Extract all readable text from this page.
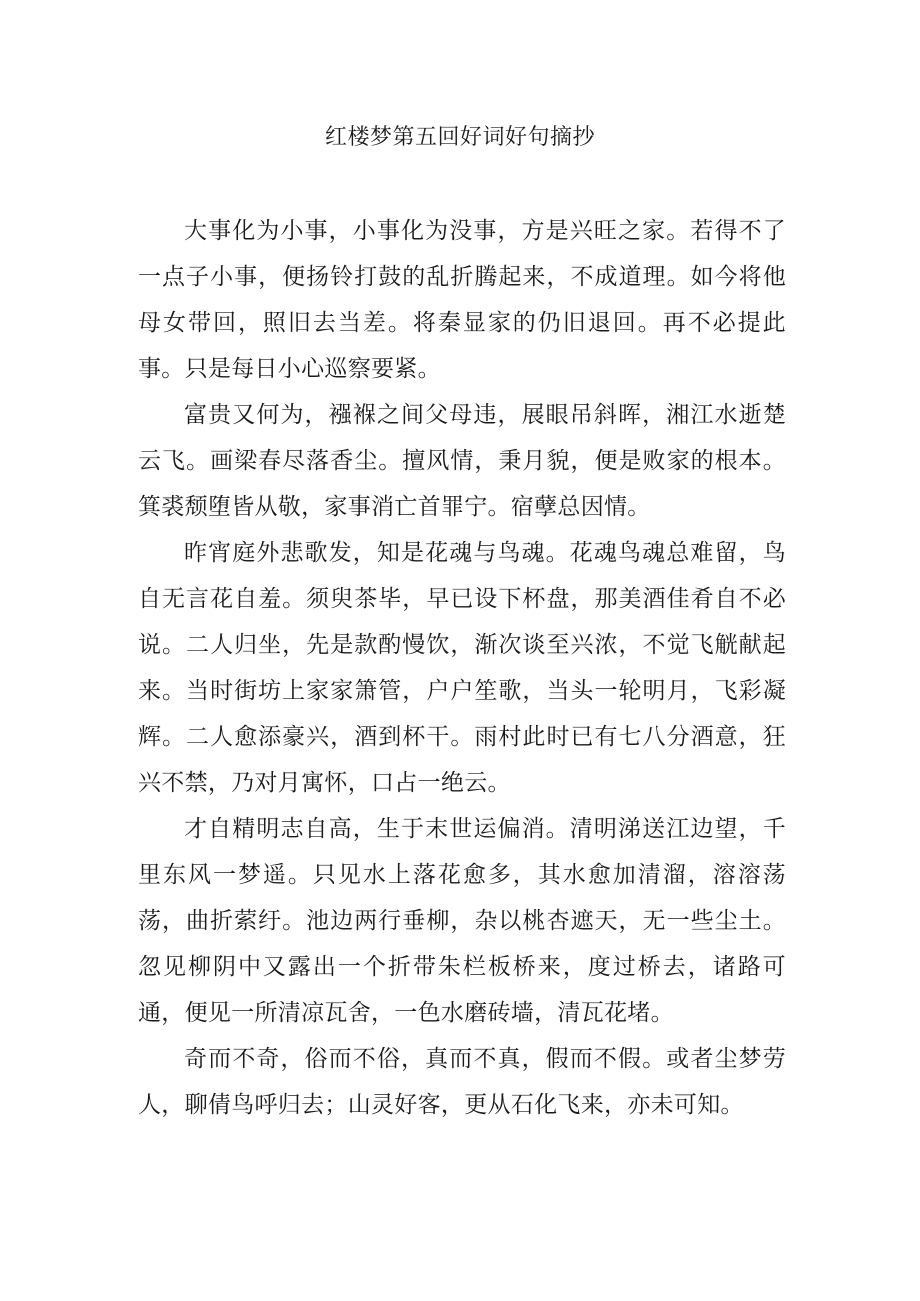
红楼梦第五回好词好句摘抄

大事化为小事，小事化为没事，方是兴旺之家。若得不了一点子小事，便扬铃打鼓的乱折腾起来，不成道理。如今将他母女带回，照旧去当差。将秦显家的仍旧退回。再不必提此事。只是每日小心巡察要紧。

富贵又何为，襁褓之间父母违，展眼吊斜晖，湘江水逝楚云飞。画梁春尽落香尘。擅风情，秉月貌，便是败家的根本。箕裘颓堕皆从敬，家事消亡首罪宁。宿孽总因情。

昨宵庭外悲歌发，知是花魂与鸟魂。花魂鸟魂总难留，鸟自无言花自羞。须臾茶毕，早已设下杯盘，那美酒佳肴自不必说。二人归坐，先是款酌慢饮，渐次谈至兴浓，不觉飞觥献起来。当时街坊上家家箫管，户户笙歌，当头一轮明月，飞彩凝辉。二人愈添豪兴，酒到杯干。雨村此时已有七八分酒意，狂兴不禁，乃对月寓怀，口占一绝云。

才自精明志自高，生于末世运偏消。清明涕送江边望，千里东风一梦遥。只见水上落花愈多，其水愈加清溜，溶溶荡荡，曲折萦纡。池边两行垂柳，杂以桃杏遮天，无一些尘土。忽见柳阴中又露出一个折带朱栏板桥来，度过桥去，诸路可通，便见一所清凉瓦舍，一色水磨砖墙，清瓦花堵。

奇而不奇，俗而不俗，真而不真，假而不假。或者尘梦劳人，聊倩鸟呼归去；山灵好客，更从石化飞来，亦未可知。
